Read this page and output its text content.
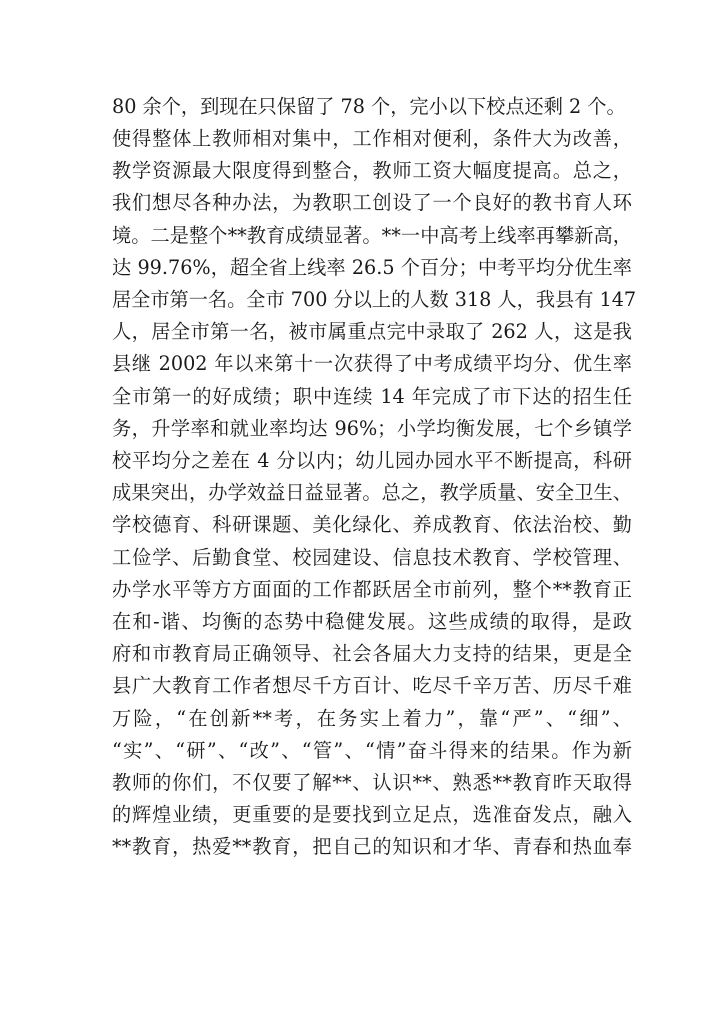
80 余个，到现在只保留了 78 个，完小以下校点还剩 2 个。
使得整体上教师相对集中，工作相对便利，条件大为改善，
教学资源最大限度得到整合，教师工资大幅度提高。总之，
我们想尽各种办法，为教职工创设了一个良好的教书育人环
境。二是整个**教育成绩显著。**一中高考上线率再攀新高，
达 99.76%，超全省上线率 26.5 个百分；中考平均分优生率
居全市第一名。全市 700 分以上的人数 318 人，我县有 147
人，居全市第一名，被市属重点完中录取了 262 人，这是我
县继 2002 年以来第十一次获得了中考成绩平均分、优生率
全市第一的好成绩；职中连续 14 年完成了市下达的招生任
务，升学率和就业率均达 96%；小学均衡发展，七个乡镇学
校平均分之差在 4 分以内；幼儿园办园水平不断提高，科研
成果突出，办学效益日益显著。总之，教学质量、安全卫生、
学校德育、科研课题、美化绿化、养成教育、依法治校、勤
工俭学、后勤食堂、校园建设、信息技术教育、学校管理、
办学水平等方方面面的工作都跃居全市前列，整个**教育正
在和-谐、均衡的态势中稳健发展。这些成绩的取得，是政
府和市教育局正确领导、社会各届大力支持的结果，更是全
县广大教育工作者想尽千方百计、吃尽千辛万苦、历尽千难
万险，“在创新**考，在务实上着力”，靠“严”、“细”、
“实”、“研”、“改”、“管”、“情”奋斗得来的结果。作为新
教师的你们，不仅要了解**、认识**、熟悉**教育昨天取得
的辉煌业绩，更重要的是要找到立足点，选准奋发点，融入
**教育，热爱**教育，把自己的知识和才华、青春和热血奉
